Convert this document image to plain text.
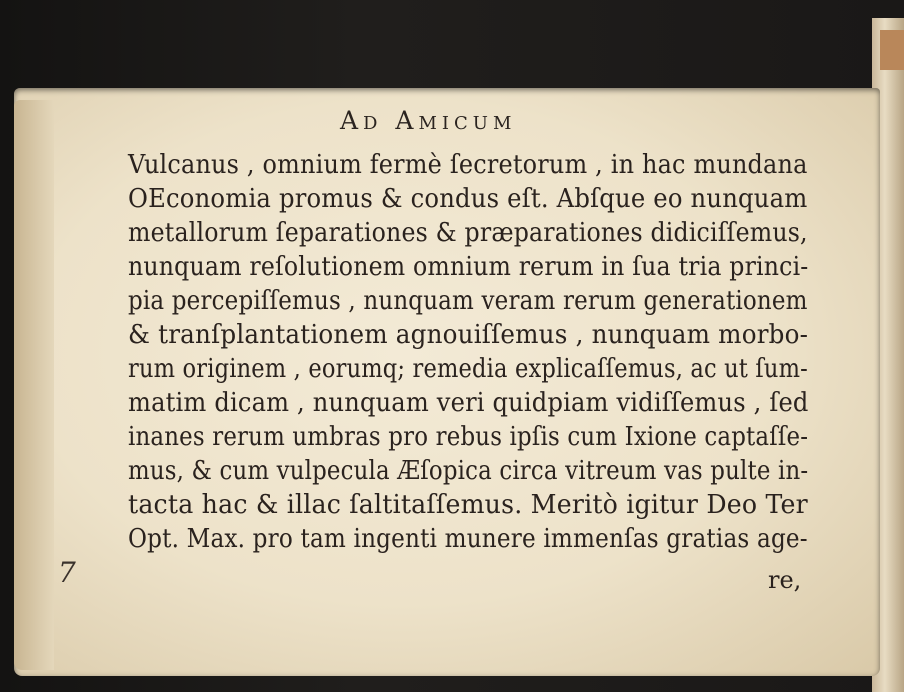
Ad Amicum
Vulcanus , omnium fermè ſecretorum , in hac mundana
OEconomia promus & condus eſt. Abſque eo nunquam
metallorum ſeparationes & præparationes didiciſſemus,
nunquam reſolutionem omnium rerum in ſua tria princi-
pia percepiſſemus , nunquam veram rerum generationem
& tranſplantationem agnouiſſemus , nunquam morbo-
rum originem , eorumq; remedia explicaſſemus, ac ut ſum-
matim dicam , nunquam veri quidpiam vidiſſemus , ſed
inanes rerum umbras pro rebus ipſis cum Ixione captaſſe-
mus, & cum vulpecula Æſopica circa vitreum vas pulte in-
tacta hac & illac ſaltitaſſemus. Meritò igitur Deo Ter
Opt. Max. pro tam ingenti munere immenſas gratias age-
re,
7
